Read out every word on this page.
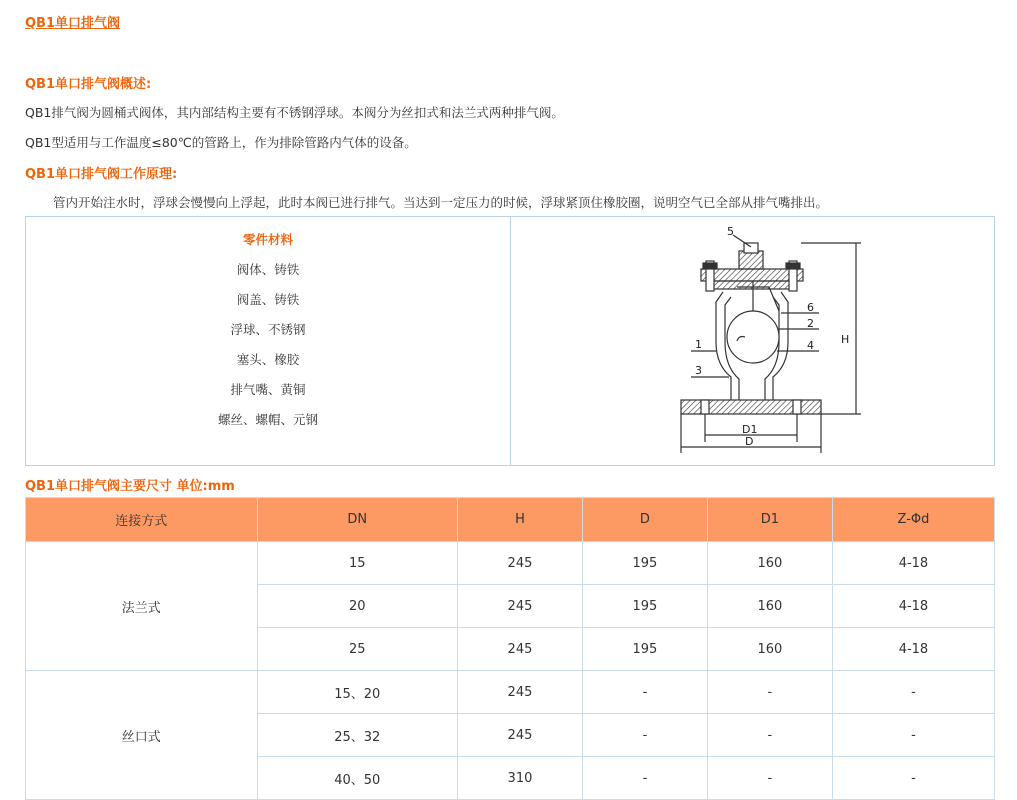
QB1单口排气阀
QB1单口排气阀概述:
QB1排气阀为圆桶式阀体，其内部结构主要有不锈钢浮球。本阀分为丝扣式和法兰式两种排气阀。
QB1型适用与工作温度≤80℃的管路上，作为排除管路内气体的设备。
QB1单口排气阀工作原理:
管内开始注水时，浮球会慢慢向上浮起，此时本阀已进行排气。当达到一定压力的时候，浮球紧顶住橡胶圈，说明空气已全部从排气嘴排出。
零件材料
阀体、铸铁
阀盖、铸铁
浮球、不锈钢
塞头、橡胶
排气嘴、黄铜
螺丝、螺帽、元钢
5
6
2
4
1
3
H
D1
D
QB1单口排气阀主要尺寸 单位:mm
连接方式	DN	H	D	D1	Z-Φd
法兰式	15	245	195	160	4-18
	20	245	195	160	4-18
	25	245	195	160	4-18
丝口式	15、20	245	-	-	-
	25、32	245	-	-	-
	40、50	310	-	-	-
